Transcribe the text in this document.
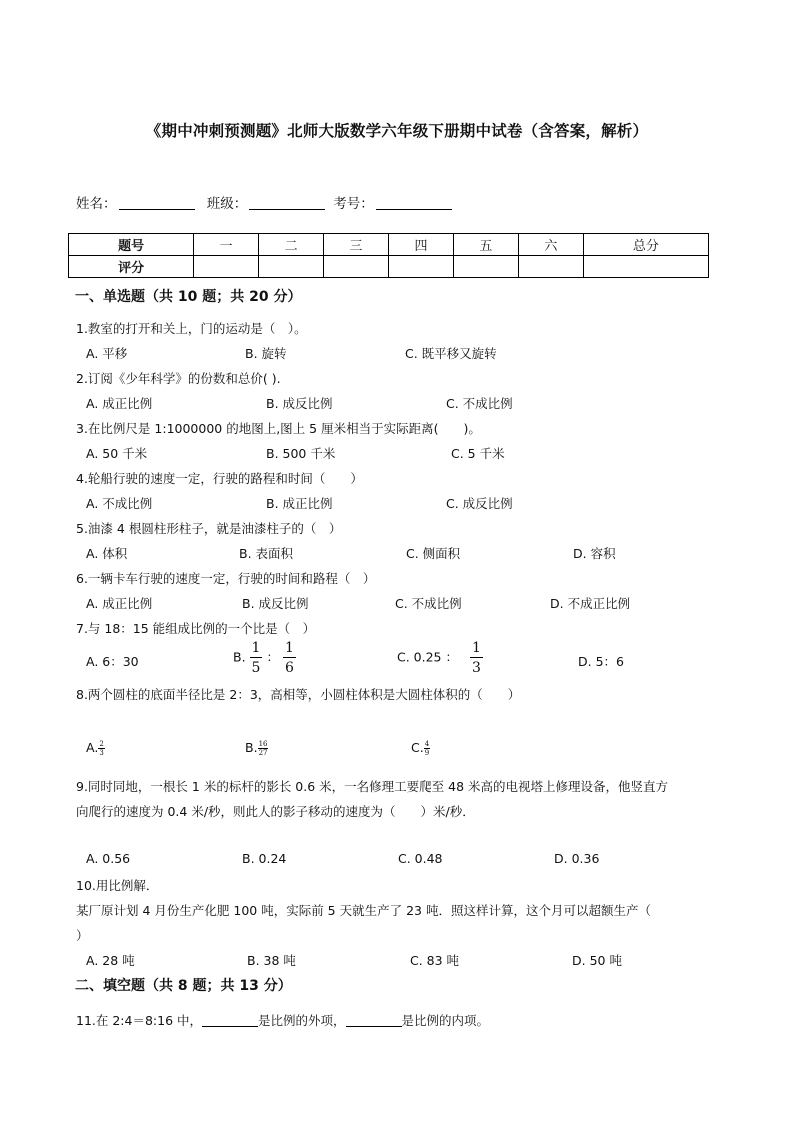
《期中冲刺预测题》北师大版数学六年级下册期中试卷（含答案，解析）
姓名：	班级：	考号：
题号	一	二	三	四	五	六	总分
评分							
一、单选题（共 10 题；共 20 分）
1.教室的打开和关上，门的运动是（　）。
A. 平移	B. 旋转	C. 既平移又旋转
2.订阅《少年科学》的份数和总价( ).
A. 成正比例	B. 成反比例	C. 不成比例
3.在比例尺是 1:1000000 的地图上,图上 5 厘米相当于实际距离(　　)。
A. 50 千米	B. 500 千米	C. 5 千米
4.轮船行驶的速度一定，行驶的路程和时间（　　）
A. 不成比例	B. 成正比例	C. 成反比例
5.油漆 4 根圆柱形柱子，就是油漆柱子的（　）
A. 体积	B. 表面积	C. 侧面积	D. 容积
6.一辆卡车行驶的速度一定，行驶的时间和路程（　）
A. 成正比例	B. 成反比例	C. 不成比例	D. 不成正比例
7.与 18：15 能组成比例的一个比是（　）
A. 6：30	B. $\frac{1}{5}$ ： $\frac{1}{6}$	C. 0.25 ： $\frac{1}{3}$	D. 5：6
8.两个圆柱的底面半径比是 2：3，高相等，小圆柱体积是大圆柱体积的（　　）
A. $\frac{2}{3}$	B. $\frac{16}{27}$	C. $\frac{4}{9}$
9.同时同地，一根长 1 米的标杆的影长 0.6 米，一名修理工要爬至 48 米高的电视塔上修理设备，他竖直方
向爬行的速度为 0.4 米/秒，则此人的影子移动的速度为（　　）米/秒．
A. 0.56	B. 0.24	C. 0.48	D. 0.36
10.用比例解．
某厂原计划 4 月份生产化肥 100 吨，实际前 5 天就生产了 23 吨．照这样计算，这个月可以超额生产（
）
A. 28 吨	B. 38 吨	C. 83 吨	D. 50 吨
二、填空题（共 8 题；共 13 分）
11.在 2:4＝8:16 中，	是比例的外项，	是比例的内项。
